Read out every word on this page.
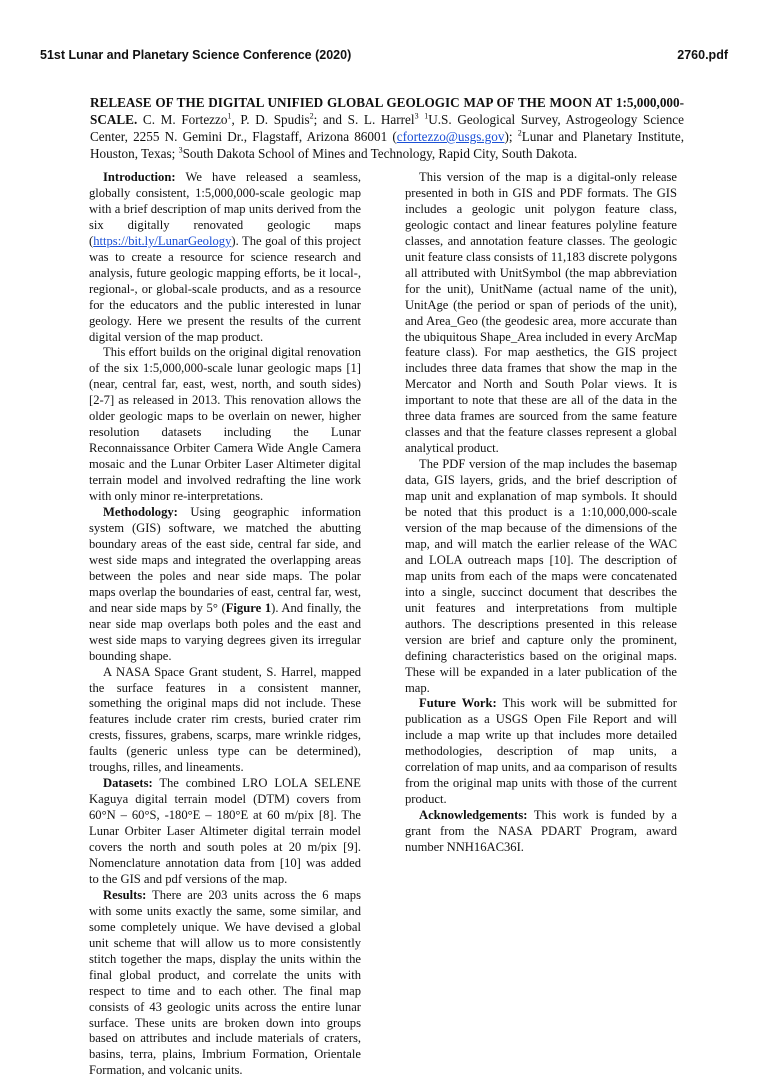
51st Lunar and Planetary Science Conference (2020)	2760.pdf
RELEASE OF THE DIGITAL UNIFIED GLOBAL GEOLOGIC MAP OF THE MOON AT 1:5,000,000-SCALE. C. M. Fortezzo$^1$, P. D. Spudis$^2$; and S. L. Harrel$^3$ $^1$U.S. Geological Survey, Astrogeology Science Center, 2255 N. Gemini Dr., Flagstaff, Arizona 86001 (cfortezzo@usgs.gov); $^2$Lunar and Planetary Institute, Houston, Texas; $^3$South Dakota School of Mines and Technology, Rapid City, South Dakota.

Introduction: We have released a seamless, globally consistent, 1:5,000,000-scale geologic map with a brief description of map units derived from the six digitally renovated geologic maps (https://bit.ly/LunarGeology). The goal of this project was to create a resource for science research and analysis, future geologic mapping efforts, be it local-, regional-, or global-scale products, and as a resource for the educators and the public interested in lunar geology. Here we present the results of the current digital version of the map product.

This effort builds on the original digital renovation of the six 1:5,000,000-scale lunar geologic maps [1] (near, central far, east, west, north, and south sides) [2-7] as released in 2013. This renovation allows the older geologic maps to be overlain on newer, higher resolution datasets including the Lunar Reconnaissance Orbiter Camera Wide Angle Camera mosaic and the Lunar Orbiter Laser Altimeter digital terrain model and involved redrafting the line work with only minor re-interpretations.

Methodology: Using geographic information system (GIS) software, we matched the abutting boundary areas of the east side, central far side, and west side maps and integrated the overlapping areas between the poles and near side maps. The polar maps overlap the boundaries of east, central far, west, and near side maps by 5° (Figure 1). And finally, the near side map overlaps both poles and the east and west side maps to varying degrees given its irregular bounding shape.

A NASA Space Grant student, S. Harrel, mapped the surface features in a consistent manner, something the original maps did not include. These features include crater rim crests, buried crater rim crests, fissures, grabens, scarps, mare wrinkle ridges, faults (generic unless type can be determined), troughs, rilles, and lineaments.

Datasets: The combined LRO LOLA SELENE Kaguya digital terrain model (DTM) covers from 60°N – 60°S, -180°E – 180°E at 60 m/pix [8]. The Lunar Orbiter Laser Altimeter digital terrain model covers the north and south poles at 20 m/pix [9]. Nomenclature annotation data from [10] was added to the GIS and pdf versions of the map.

Results: There are 203 units across the 6 maps with some units exactly the same, some similar, and some completely unique. We have devised a global unit scheme that will allow us to more consistently stitch together the maps, display the units within the final global product, and correlate the units with respect to time and to each other. The final map consists of 43 geologic units across the entire lunar surface. These units are broken down into groups based on attributes and include materials of craters, basins, terra, plains, Imbrium Formation, Orientale Formation, and volcanic units.

This version of the map is a digital-only release presented in both in GIS and PDF formats. The GIS includes a geologic unit polygon feature class, geologic contact and linear features polyline feature classes, and annotation feature classes. The geologic unit feature class consists of 11,183 discrete polygons all attributed with UnitSymbol (the map abbreviation for the unit), UnitName (actual name of the unit), UnitAge (the period or span of periods of the unit), and Area_Geo (the geodesic area, more accurate than the ubiquitous Shape_Area included in every ArcMap feature class). For map aesthetics, the GIS project includes three data frames that show the map in the Mercator and North and South Polar views. It is important to note that these are all of the data in the three data frames are sourced from the same feature classes and that the feature classes represent a global analytical product.

The PDF version of the map includes the basemap data, GIS layers, grids, and the brief description of map unit and explanation of map symbols. It should be noted that this product is a 1:10,000,000-scale version of the map because of the dimensions of the map, and will match the earlier release of the WAC and LOLA outreach maps [10]. The description of map units from each of the maps were concatenated into a single, succinct document that describes the unit features and interpretations from multiple authors. The descriptions presented in this release version are brief and capture only the prominent, defining characteristics based on the original maps. These will be expanded in a later publication of the map.

Future Work: This work will be submitted for publication as a USGS Open File Report and will include a map write up that includes more detailed methodologies, description of map units, a correlation of map units, and aa comparison of results from the original map units with those of the current product.

Acknowledgements: This work is funded by a grant from the NASA PDART Program, award number NNH16AC36I.
